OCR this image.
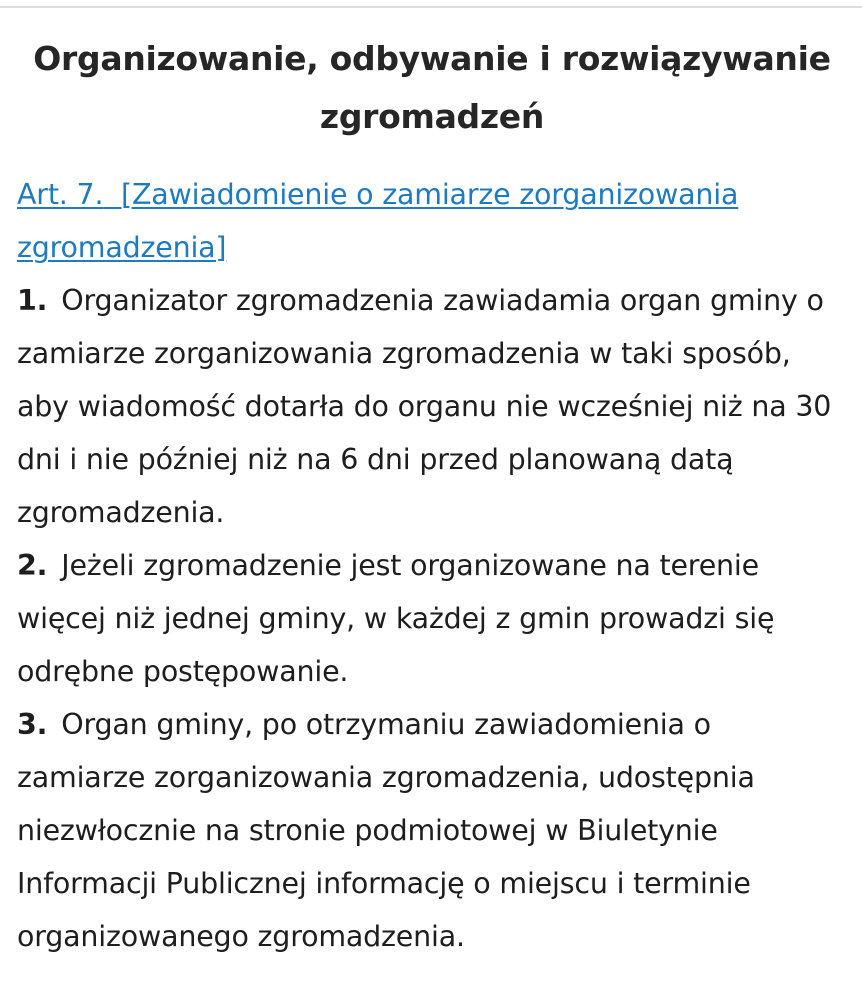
Organizowanie, odbywanie i rozwiązywanie zgromadzeń
Art. 7. [Zawiadomienie o zamiarze zorganizowania zgromadzenia]

1. Organizator zgromadzenia zawiadamia organ gminy o zamiarze zorganizowania zgromadzenia w taki sposób, aby wiadomość dotarła do organu nie wcześniej niż na 30 dni i nie później niż na 6 dni przed planowaną datą zgromadzenia.

2. Jeżeli zgromadzenie jest organizowane na terenie więcej niż jednej gminy, w każdej z gmin prowadzi się odrębne postępowanie.

3. Organ gminy, po otrzymaniu zawiadomienia o zamiarze zorganizowania zgromadzenia, udostępnia niezwłocznie na stronie podmiotowej w Biuletynie Informacji Publicznej informację o miejscu i terminie organizowanego zgromadzenia.
